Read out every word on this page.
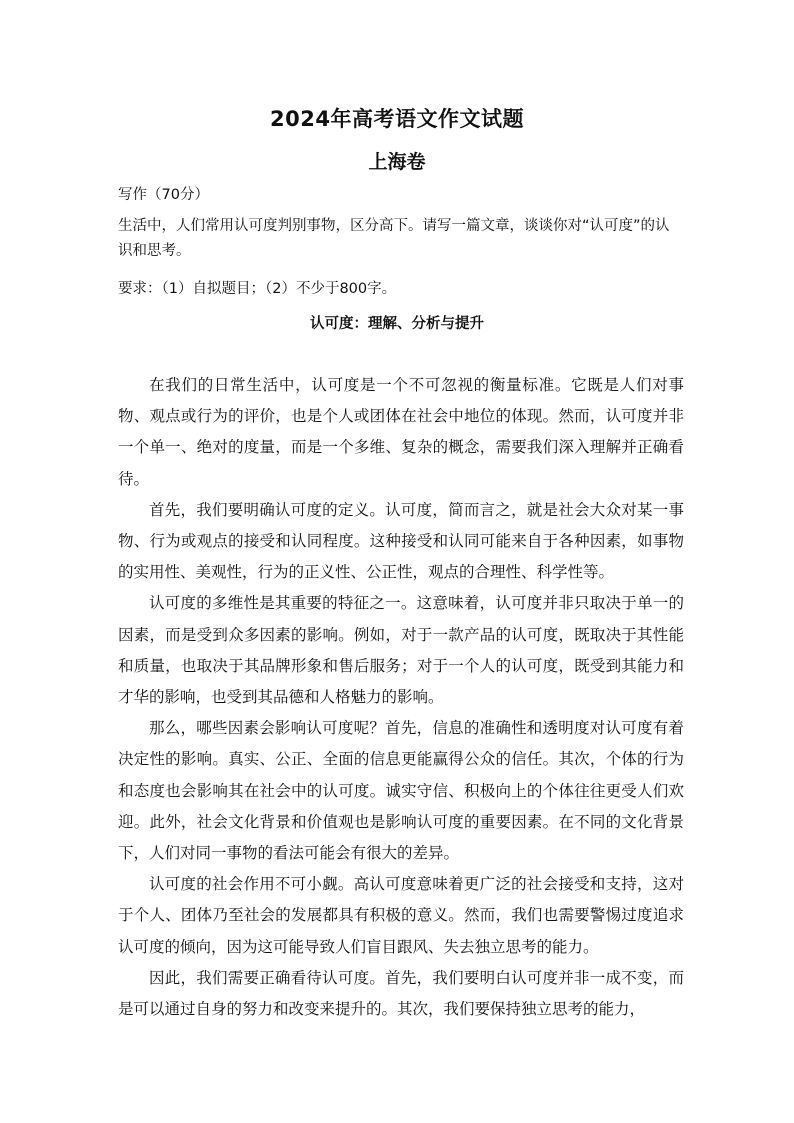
2024年高考语文作文试题
上海卷

写作（70分）

生活中，人们常用认可度判别事物，区分高下。请写一篇文章，谈谈你对“认可度”的认识和思考。

要求：（1）自拟题目；（2）不少于800字。

认可度：理解、分析与提升

在我们的日常生活中，认可度是一个不可忽视的衡量标准。它既是人们对事物、观点或行为的评价，也是个人或团体在社会中地位的体现。然而，认可度并非一个单一、绝对的度量，而是一个多维、复杂的概念，需要我们深入理解并正确看待。

首先，我们要明确认可度的定义。认可度，简而言之，就是社会大众对某一事物、行为或观点的接受和认同程度。这种接受和认同可能来自于各种因素，如事物的实用性、美观性，行为的正义性、公正性，观点的合理性、科学性等。

认可度的多维性是其重要的特征之一。这意味着，认可度并非只取决于单一的因素，而是受到众多因素的影响。例如，对于一款产品的认可度，既取决于其性能和质量，也取决于其品牌形象和售后服务；对于一个人的认可度，既受到其能力和才华的影响，也受到其品德和人格魅力的影响。

那么，哪些因素会影响认可度呢？首先，信息的准确性和透明度对认可度有着决定性的影响。真实、公正、全面的信息更能赢得公众的信任。其次，个体的行为和态度也会影响其在社会中的认可度。诚实守信、积极向上的个体往往更受人们欢迎。此外，社会文化背景和价值观也是影响认可度的重要因素。在不同的文化背景下，人们对同一事物的看法可能会有很大的差异。

认可度的社会作用不可小觑。高认可度意味着更广泛的社会接受和支持，这对于个人、团体乃至社会的发展都具有积极的意义。然而，我们也需要警惕过度追求认可度的倾向，因为这可能导致人们盲目跟风、失去独立思考的能力。

因此，我们需要正确看待认可度。首先，我们要明白认可度并非一成不变，而是可以通过自身的努力和改变来提升的。其次，我们要保持独立思考的能力，
